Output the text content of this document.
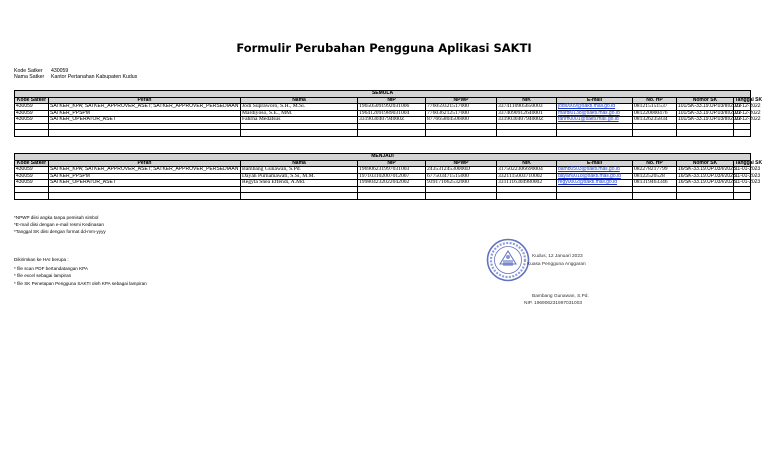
Formulir Perubahan Pengguna Aplikasi SAKTI
Kode Satker 430059
Nama Satker Kantor Pertanahan Kabupaten Kudus
SEMULA									
Kode Satker	Peran	Nama	NIP	NPWP	NIK	E-mail	No. HP	Nomor SK	Tanggal SK
430059	SATKER_KPA; SATKER_APPROVER_ASET; SATKER_APPROVER_PERSEDIAAN	Jodi Supraworo, S.H., M.Si.	196505091992031006	776059321517000	3374110905650003	jodi0009@sakti.mail.go.id	081215151537	101/SK-33.19.UP.03/III/2022	01-12-2022
430059	SATKER_PPSPM	Mardiyoso, S.E., MM.	196412091989031004	776036212517000	3374090912640001	mardi0138@sakti.mail.go.id	081220000476	101/SK-33.19.UP.03/III/2022	01-12-2022
430059	SATKER_OPERATOR_ASET	Fahrna Medatsus	331903040794000Z	877665804506000	331903040794000Z	fahrn0001@sakti.mail.go.id	081326235834	101/SK-33.19.UP.03/III/2022	01-12-2022

MENJADI									
Kode Satker	Peran	Nama	NIP	NPWP	NIK	E-mail	No. HP	Nomor SK	Tanggal SK
430059	SATKER_KPA; SATKER_APPROVER_ASET; SATKER_APPROVER_PERSEDIAAN	Bambang Gunawan, S.Pd.	196906231997031003	24353124530000D	3175022306690004	bamb0503@sakti.mail.go.id	082278217799	16/SK-33.19.UP.03/I/2023	11-01-2023
430059	SATKER_PPSPM	Dayah Purnamawati, S.Si, M.M.	197103102007012007	677503471515000	3321115003710002	dayah0018@sakti.mail.go.id	08122520528	16/SK-33.19.UP.03/I/2023	11-01-2023
430059	SATKER_OPERATOR_ASET	Regyta Shea Effendi, A.Md.	199804232022042002	939171062532000	3311116304980002	regy0002@sakti.mail.go.id	081319463346	16/SK-33.19.UP.03/I/2023	11-01-2023

*NPWP diisi angka tanpa pemisah simbol
*E-mail diisi dengan e-mail resmi Kedinasan
*Tanggal SK diisi dengan format dd-mm-yyyy
Dikirimkan ke HAI berupa :
* file scan PDF bertandatangan KPA
* file excel sebagai lampiran
* file SK Penetapan Pengguna SAKTI oleh KPA sebagai lampiran
Kudus, 12 Januari 2023
Kuasa Pengguna Anggaran
Bambang Gunawan, S.Pd.
NIP. 196906231997031003
